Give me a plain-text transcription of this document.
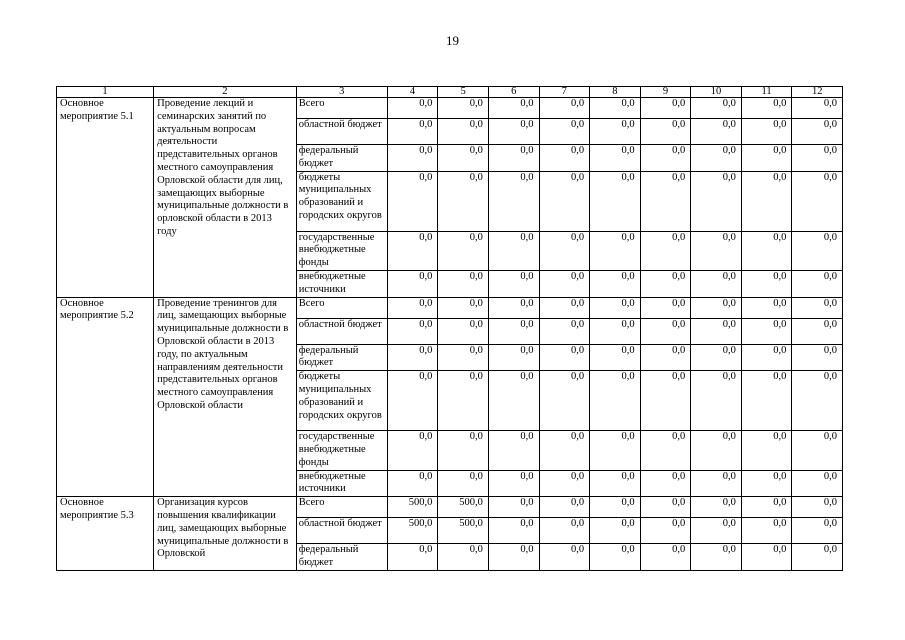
19
1	2	3	4	5	6	7	8	9	10	11	12
Основное мероприятие 5.1	Проведение лекций и семинарских занятий по актуальным вопросам деятельности представительных органов местного самоуправления Орловской области для лиц, замещающих выборные муниципальные должности в орловской области в 2013 году	Всего	0,0	0,0	0,0	0,0	0,0	0,0	0,0	0,0	0,0
		областной бюджет	0,0	0,0	0,0	0,0	0,0	0,0	0,0	0,0	0,0
		федеральный бюджет	0,0	0,0	0,0	0,0	0,0	0,0	0,0	0,0	0,0
		бюджеты муниципальных образований и городских округов	0,0	0,0	0,0	0,0	0,0	0,0	0,0	0,0	0,0
		государственные внебюджетные фонды	0,0	0,0	0,0	0,0	0,0	0,0	0,0	0,0	0,0
		внебюджетные источники	0,0	0,0	0,0	0,0	0,0	0,0	0,0	0,0	0,0
Основное мероприятие 5.2	Проведение тренингов для лиц, замещающих выборные муниципальные должности в Орловской области в 2013 году, по актуальным направлениям деятельности представительных органов местного самоуправления Орловской области	Всего	0,0	0,0	0,0	0,0	0,0	0,0	0,0	0,0	0,0
		областной бюджет	0,0	0,0	0,0	0,0	0,0	0,0	0,0	0,0	0,0
		федеральный бюджет	0,0	0,0	0,0	0,0	0,0	0,0	0,0	0,0	0,0
		бюджеты муниципальных образований и городских округов	0,0	0,0	0,0	0,0	0,0	0,0	0,0	0,0	0,0
		государственные внебюджетные фонды	0,0	0,0	0,0	0,0	0,0	0,0	0,0	0,0	0,0
		внебюджетные источники	0,0	0,0	0,0	0,0	0,0	0,0	0,0	0,0	0,0
Основное мероприятие 5.3	Организация курсов повышения квалификации лиц, замещающих выборные муниципальные должности в Орловской	Всего	500,0	500,0	0,0	0,0	0,0	0,0	0,0	0,0	0,0
		областной бюджет	500,0	500,0	0,0	0,0	0,0	0,0	0,0	0,0	0,0
		федеральный бюджет	0,0	0,0	0,0	0,0	0,0	0,0	0,0	0,0	0,0
